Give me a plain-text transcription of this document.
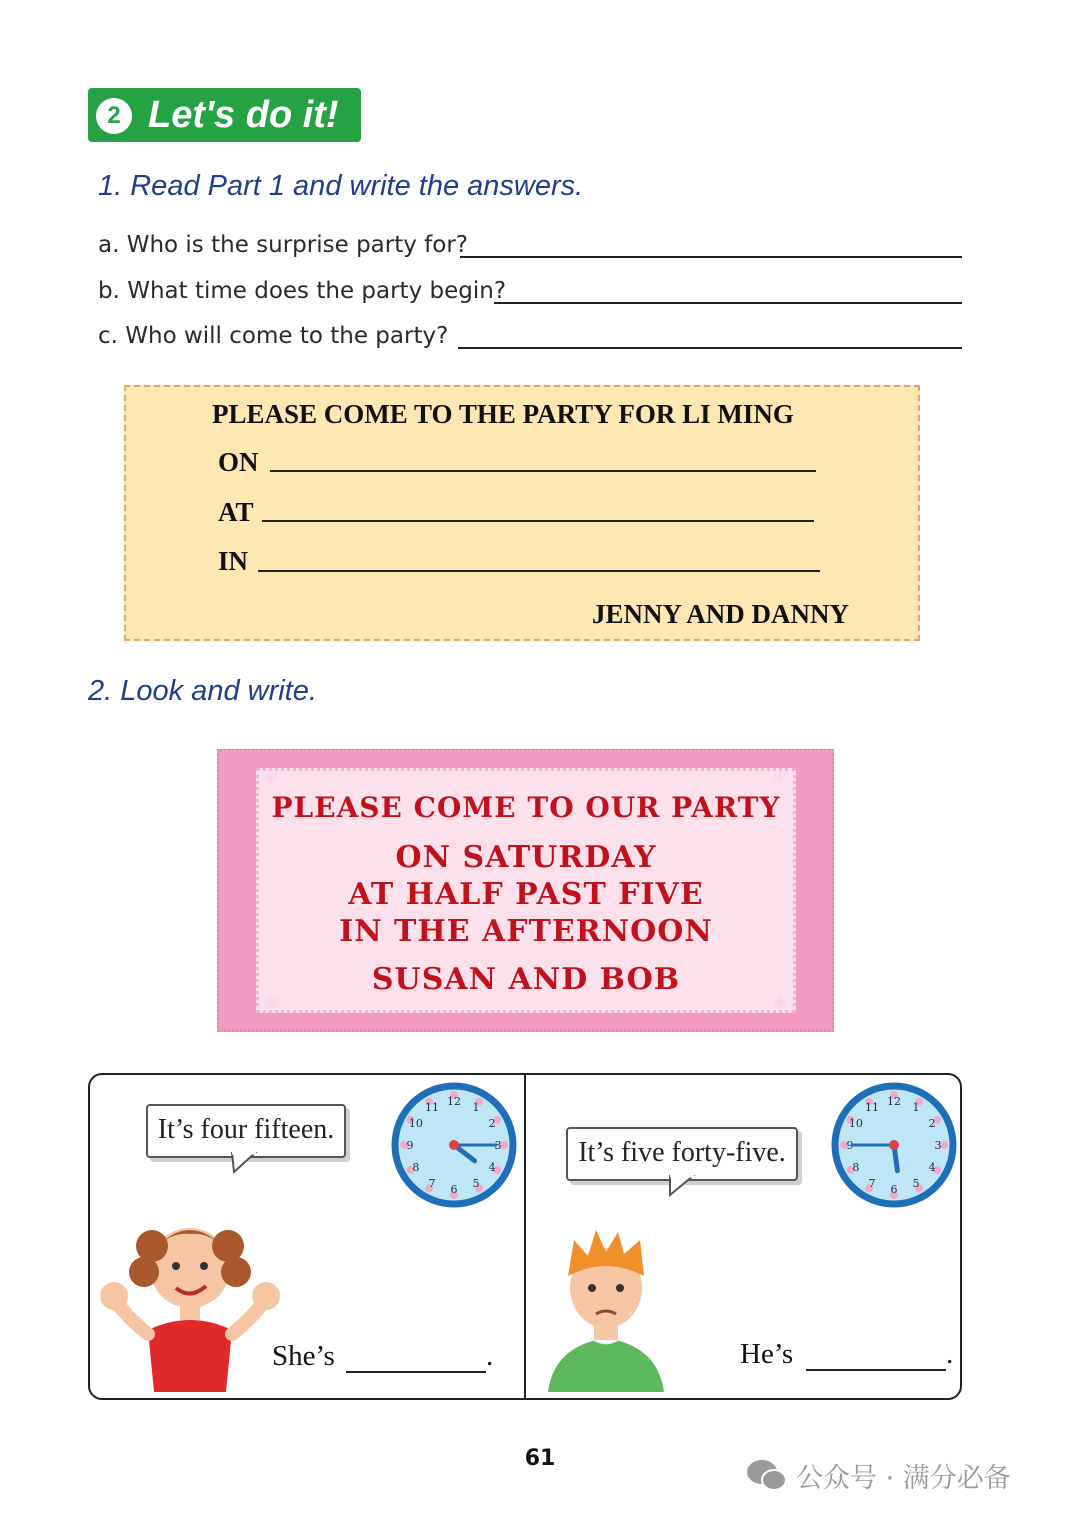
2 Let's do it!
1. Read Part 1 and write the answers.
a. Who is the surprise party for?
b. What time does the party begin?
c. Who will come to the party?
PLEASE COME TO THE PARTY FOR LI MING
ON
AT
IN
JENNY AND DANNY
2. Look and write.
✱	✱
✱	✱
PLEASE COME TO OUR PARTY
ON SATURDAY
AT HALF PAST FIVE
IN THE AFTERNOON
SUSAN AND BOB
It’s four fifteen.
12 1
2
3
4
5
6
7
8
9
10
11
She’s	.
It’s five forty-five.
12 1
2
3
4
5
6
7
8
9
10
11
He’s	.
61
公众号 · 满分必备
